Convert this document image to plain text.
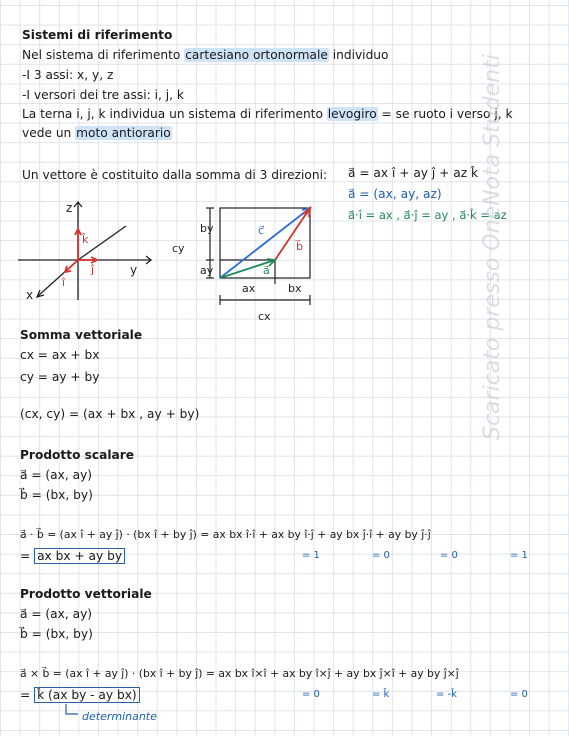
Sistemi di riferimento
Nel sistema di riferimento cartesiano ortonormale individuo
-I 3 assi: x, y, z
-I versori dei tre assi: i, j, k
La terna i, j, k individua un sistema di riferimento levogiro = se ruoto i verso j, k
vede un moto antiorario
Un vettore è costituito dalla somma di 3 direzioni: a⃗ = ax î + ay ĵ + az k̂
a⃗ = (ax, ay, az)
a⃗·î = ax , a⃗·ĵ = ay , a⃗·k̂ = az
z
y
x
k̂
ĵ
î
by
cy
ay
c⃗
b⃗
a⃗
ax	bx
cx
Somma vettoriale
cx = ax + bx
cy = ay + by
(cx, cy) = (ax + bx , ay + by)
Prodotto scalare
a⃗ = (ax, ay)
b⃗ = (bx, by)
a⃗ · b⃗ = (ax î + ay ĵ) · (bx î + by ĵ) = ax bx î·î + ax by î·ĵ + ay bx ĵ·î + ay by ĵ·ĵ
= 1	= 0	= 0	= 1
= ax bx + ay by
Prodotto vettoriale
a⃗ = (ax, ay)
b⃗ = (bx, by)
a⃗ × b⃗ = (ax î + ay ĵ) · (bx î + by ĵ) = ax bx î×î + ax by î×ĵ + ay bx ĵ×î + ay by ĵ×ĵ
= 0	= k̂	= -k̂	= 0
= k̂ (ax by - ay bx)
determinante
Scaricato presso OneNota Studenti
